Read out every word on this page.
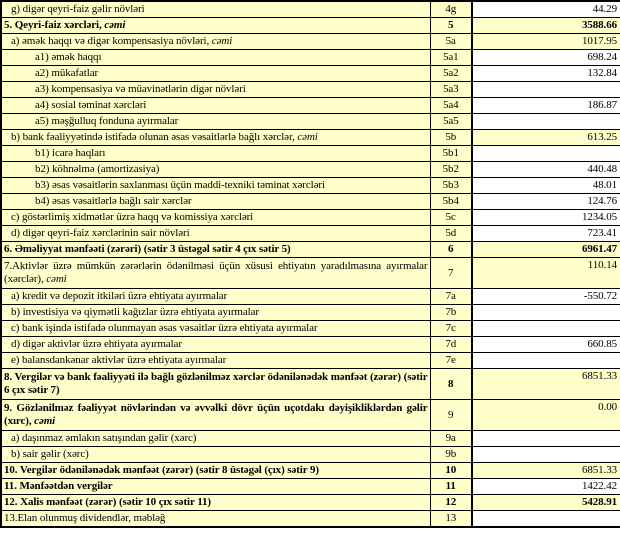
g) digər qeyri-faiz gəlir növləri	4g	44.29
5. Qeyri-faiz xərcləri, cəmi	5	3588.66
a) əmək haqqı və digər kompensasiya növləri, cəmi	5a	1017.95
a1) əmək haqqı	5a1	698.24
a2) mükafatlar	5a2	132.84
a3) kompensasiya və müavinətlərin digər növləri	5a3	
a4) sosial təminat xərcləri	5a4	186.87
a5) məşğulluq fonduna ayırmalar	5a5	
b) bank fəaliyyətində istifadə olunan əsas vəsaitlərlə bağlı xərclər, cəmi	5b	613.25
b1) icarə haqları	5b1	
b2) köhnəlmə (amortizasiya)	5b2	440.48
b3) əsas vəsaitlərin saxlanması üçün maddi-texniki təminat xərcləri	5b3	48.01
b4) əsas vəsaitlərlə bağlı sair xərclər	5b4	124.76
c) göstərlimiş xidmətlər üzrə haqq və komissiya xərcləri	5c	1234.05
d) digər qeyri-faiz xərclərinin sair növləri	5d	723.41
6. Əməliyyat mənfəəti (zərəri) (sətir 3 üstəgəl sətir 4 çıx sətir 5)	6	6961.47
7.Aktivlər üzrə mümkün zərərlərin ödənilməsi üçün xüsusi ehtiyatın yaradılmasına ayırmalar (xərclər), cəmi	7	110.14
a) kredit və depozit itkiləri üzrə ehtiyata ayırmalar	7a	-550.72
b) investisiya və qiymətli kağızlar üzrə ehtiyata ayırmalar	7b	
c) bank işində istifadə olunmayan əsas vəsaitlər üzrə ehtiyata ayırmalar	7c	
d) digər aktivlər üzrə ehtiyata ayırmalar	7d	660.85
e) balansdankənar aktivlər üzrə ehtiyata ayırmalar	7e	
8. Vergilər və bank fəaliyyəti ilə bağlı gözlənilməz xərclər ödənilənədək mənfəət (zərər) (sətir 6 çıx sətir 7)	8	6851.33
9. Gözlənilməz fəaliyyət növlərindən və əvvəlki dövr üçün uçotdakı dəyişikliklərdən gəlir (xırc), cəmi	9	0.00
a) daşınmaz əmlakın satışından gəlir (xərc)	9a	
b) sair gəlir (xərc)	9b	
10. Vergilər ödənilənədək mənfəət (zərər) (sətir 8 üstəgəl (çıx) sətir 9)	10	6851.33
11. Mənfəətdən vergilər	11	1422.42
12. Xalis mənfəət (zərər) (sətir 10 çıx sətir 11)	12	5428.91
13.Elan olunmuş dividendlər, məbləğ	13	
